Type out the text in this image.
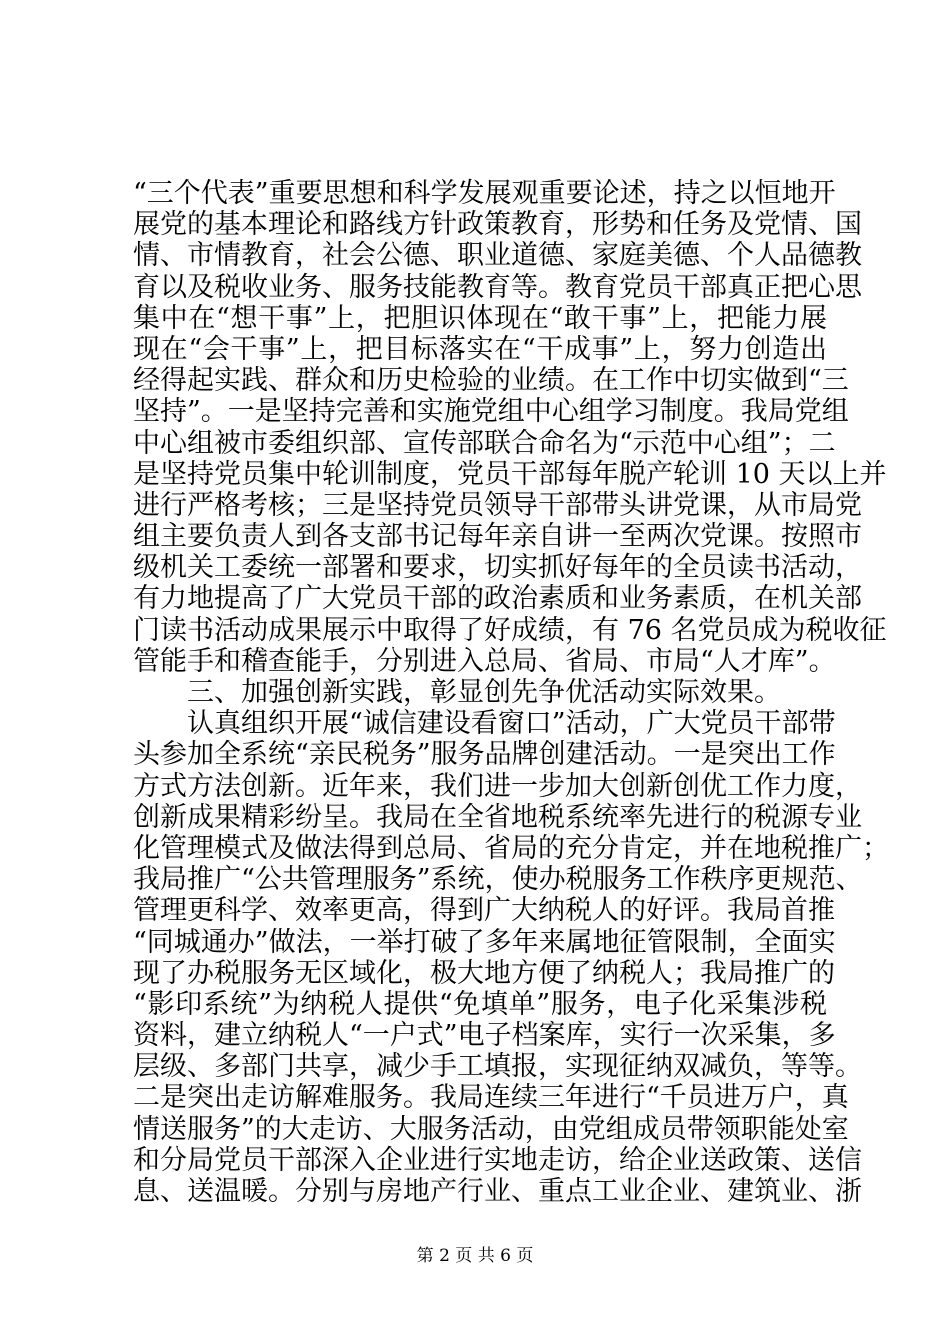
“三个代表”重要思想和科学发展观重要论述，持之以恒地开
展党的基本理论和路线方针政策教育，形势和任务及党情、国
情、市情教育，社会公德、职业道德、家庭美德、个人品德教
育以及税收业务、服务技能教育等。教育党员干部真正把心思
集中在“想干事”上，把胆识体现在“敢干事”上，把能力展
现在“会干事”上，把目标落实在“干成事”上，努力创造出
经得起实践、群众和历史检验的业绩。在工作中切实做到“三
坚持”。一是坚持完善和实施党组中心组学习制度。我局党组
中心组被市委组织部、宣传部联合命名为“示范中心组”；二
是坚持党员集中轮训制度，党员干部每年脱产轮训 10 天以上并
进行严格考核；三是坚持党员领导干部带头讲党课，从市局党
组主要负责人到各支部书记每年亲自讲一至两次党课。按照市
级机关工委统一部署和要求，切实抓好每年的全员读书活动，
有力地提高了广大党员干部的政治素质和业务素质，在机关部
门读书活动成果展示中取得了好成绩，有 76 名党员成为税收征
管能手和稽查能手，分别进入总局、省局、市局“人才库”。
三、加强创新实践，彰显创先争优活动实际效果。
认真组织开展“诚信建设看窗口”活动，广大党员干部带
头参加全系统“亲民税务”服务品牌创建活动。一是突出工作
方式方法创新。近年来，我们进一步加大创新创优工作力度，
创新成果精彩纷呈。我局在全省地税系统率先进行的税源专业
化管理模式及做法得到总局、省局的充分肯定，并在地税推广；
我局推广“公共管理服务”系统，使办税服务工作秩序更规范、
管理更科学、效率更高，得到广大纳税人的好评。我局首推
“同城通办”做法，一举打破了多年来属地征管限制，全面实
现了办税服务无区域化，极大地方便了纳税人；我局推广的
“影印系统”为纳税人提供“免填单”服务，电子化采集涉税
资料，建立纳税人“一户式”电子档案库，实行一次采集，多
层级、多部门共享，减少手工填报，实现征纳双减负，等等。
二是突出走访解难服务。我局连续三年进行“千员进万户，真
情送服务”的大走访、大服务活动，由党组成员带领职能处室
和分局党员干部深入企业进行实地走访，给企业送政策、送信
息、送温暖。分别与房地产行业、重点工业企业、建筑业、浙
第 2 页 共 6 页
